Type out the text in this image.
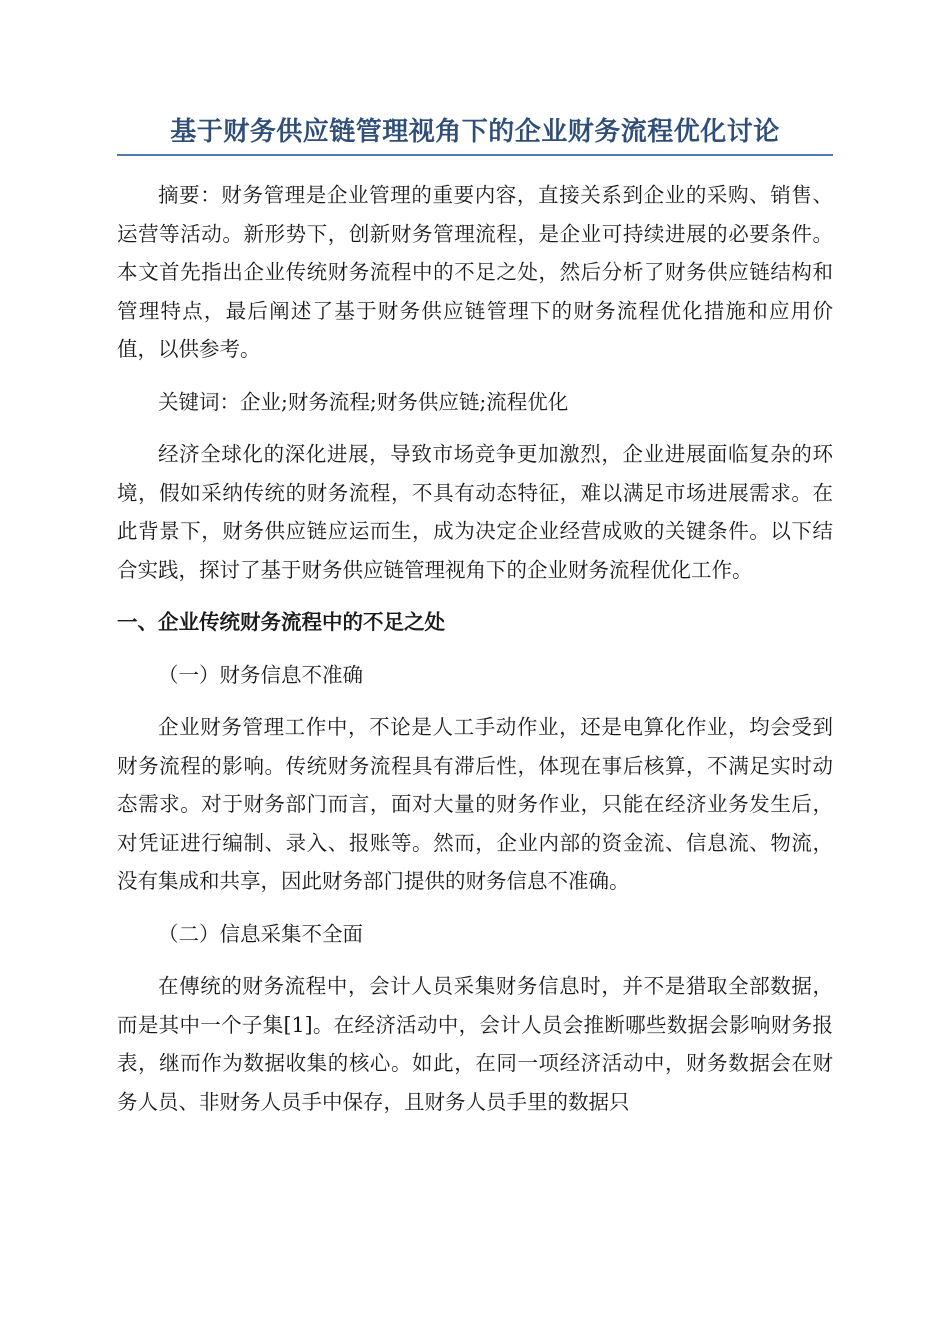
基于财务供应链管理视角下的企业财务流程优化讨论

摘要：财务管理是企业管理的重要内容，直接关系到企业的采购、销售、运营等活动。新形势下，创新财务管理流程，是企业可持续进展的必要条件。本文首先指出企业传统财务流程中的不足之处，然后分析了财务供应链结构和管理特点，最后阐述了基于财务供应链管理下的财务流程优化措施和应用价值，以供参考。

关键词：企业;财务流程;财务供应链;流程优化

经济全球化的深化进展，导致市场竞争更加激烈，企业进展面临复杂的环境，假如采纳传统的财务流程，不具有动态特征，难以满足市场进展需求。在此背景下，财务供应链应运而生，成为决定企业经营成败的关键条件。以下结合实践，探讨了基于财务供应链管理视角下的企业财务流程优化工作。

一、企业传统财务流程中的不足之处

（一）财务信息不准确

企业财务管理工作中，不论是人工手动作业，还是电算化作业，均会受到财务流程的影响。传统财务流程具有滞后性，体现在事后核算，不满足实时动态需求。对于财务部门而言，面对大量的财务作业，只能在经济业务发生后，对凭证进行编制、录入、报账等。然而，企业内部的资金流、信息流、物流，没有集成和共享，因此财务部门提供的财务信息不准确。

（二）信息采集不全面

在傳统的财务流程中，会计人员采集财务信息时，并不是猎取全部数据，而是其中一个子集[1]。在经济活动中，会计人员会推断哪些数据会影响财务报表，继而作为数据收集的核心。如此，在同一项经济活动中，财务数据会在财务人员、非财务人员手中保存，且财务人员手里的数据只
